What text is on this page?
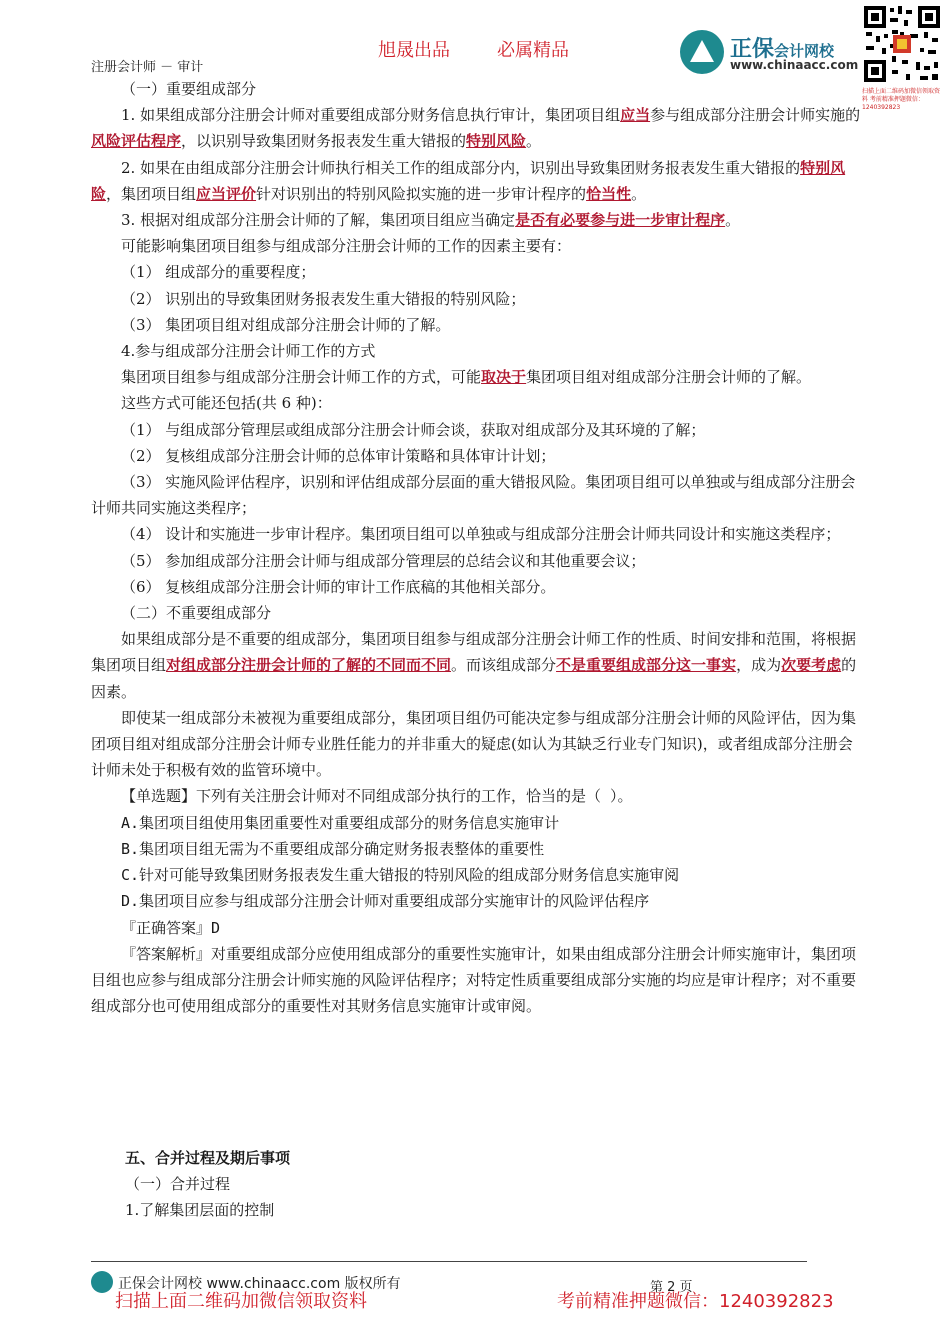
旭晟出品	必属精品
注册会计师 － 审计
正保会计网校
www.chinaacc.com
扫描上面二维码加微信领取资料 考前精准押题微信：1240392823

（一）重要组成部分

1. 如果组成部分注册会计师对重要组成部分财务信息执行审计，集团项目组应当参与组成部分注册会计师实施的风险评估程序，以识别导致集团财务报表发生重大错报的特别风险。

2. 如果在由组成部分注册会计师执行相关工作的组成部分内，识别出导致集团财务报表发生重大错报的特别风险，集团项目组应当评价针对识别出的特别风险拟实施的进一步审计程序的恰当性。

3. 根据对组成部分注册会计师的了解，集团项目组应当确定是否有必要参与进一步审计程序。

可能影响集团项目组参与组成部分注册会计师的工作的因素主要有：

（1） 组成部分的重要程度；

（2） 识别出的导致集团财务报表发生重大错报的特别风险；

（3） 集团项目组对组成部分注册会计师的了解。

4.参与组成部分注册会计师工作的方式

集团项目组参与组成部分注册会计师工作的方式，可能取决于集团项目组对组成部分注册会计师的了解。

这些方式可能还包括(共 6 种)：

（1） 与组成部分管理层或组成部分注册会计师会谈，获取对组成部分及其环境的了解；

（2） 复核组成部分注册会计师的总体审计策略和具体审计计划；

（3） 实施风险评估程序，识别和评估组成部分层面的重大错报风险。集团项目组可以单独或与组成部分注册会计师共同实施这类程序；

（4） 设计和实施进一步审计程序。集团项目组可以单独或与组成部分注册会计师共同设计和实施这类程序；

（5） 参加组成部分注册会计师与组成部分管理层的总结会议和其他重要会议；

（6） 复核组成部分注册会计师的审计工作底稿的其他相关部分。

（二）不重要组成部分

如果组成部分是不重要的组成部分，集团项目组参与组成部分注册会计师工作的性质、时间安排和范围，将根据集团项目组对组成部分注册会计师的了解的不同而不同。而该组成部分不是重要组成部分这一事实，成为次要考虑的因素。

即使某一组成部分未被视为重要组成部分，集团项目组仍可能决定参与组成部分注册会计师的风险评估，因为集团项目组对组成部分注册会计师专业胜任能力的并非重大的疑虑(如认为其缺乏行业专门知识)，或者组成部分注册会计师未处于积极有效的监管环境中。

【单选题】下列有关注册会计师对不同组成部分执行的工作，恰当的是（ ）。

A.集团项目组使用集团重要性对重要组成部分的财务信息实施审计

B.集团项目组无需为不重要组成部分确定财务报表整体的重要性

C.针对可能导致集团财务报表发生重大错报的特别风险的组成部分财务信息实施审阅

D.集团项目应参与组成部分注册会计师对重要组成部分实施审计的风险评估程序

『正确答案』D

『答案解析』对重要组成部分应使用组成部分的重要性实施审计，如果由组成部分注册会计师实施审计，集团项目组也应参与组成部分注册会计师实施的风险评估程序；对特定性质重要组成部分实施的均应是审计程序；对不重要组成部分也可使用组成部分的重要性对其财务信息实施审计或审阅。

五、合并过程及期后事项

（一）合并过程

1.了解集团层面的控制

正保会计网校 www.chinaacc.com 版权所有	第 2 页
扫描上面二维码加微信领取资料	考前精准押题微信：1240392823
